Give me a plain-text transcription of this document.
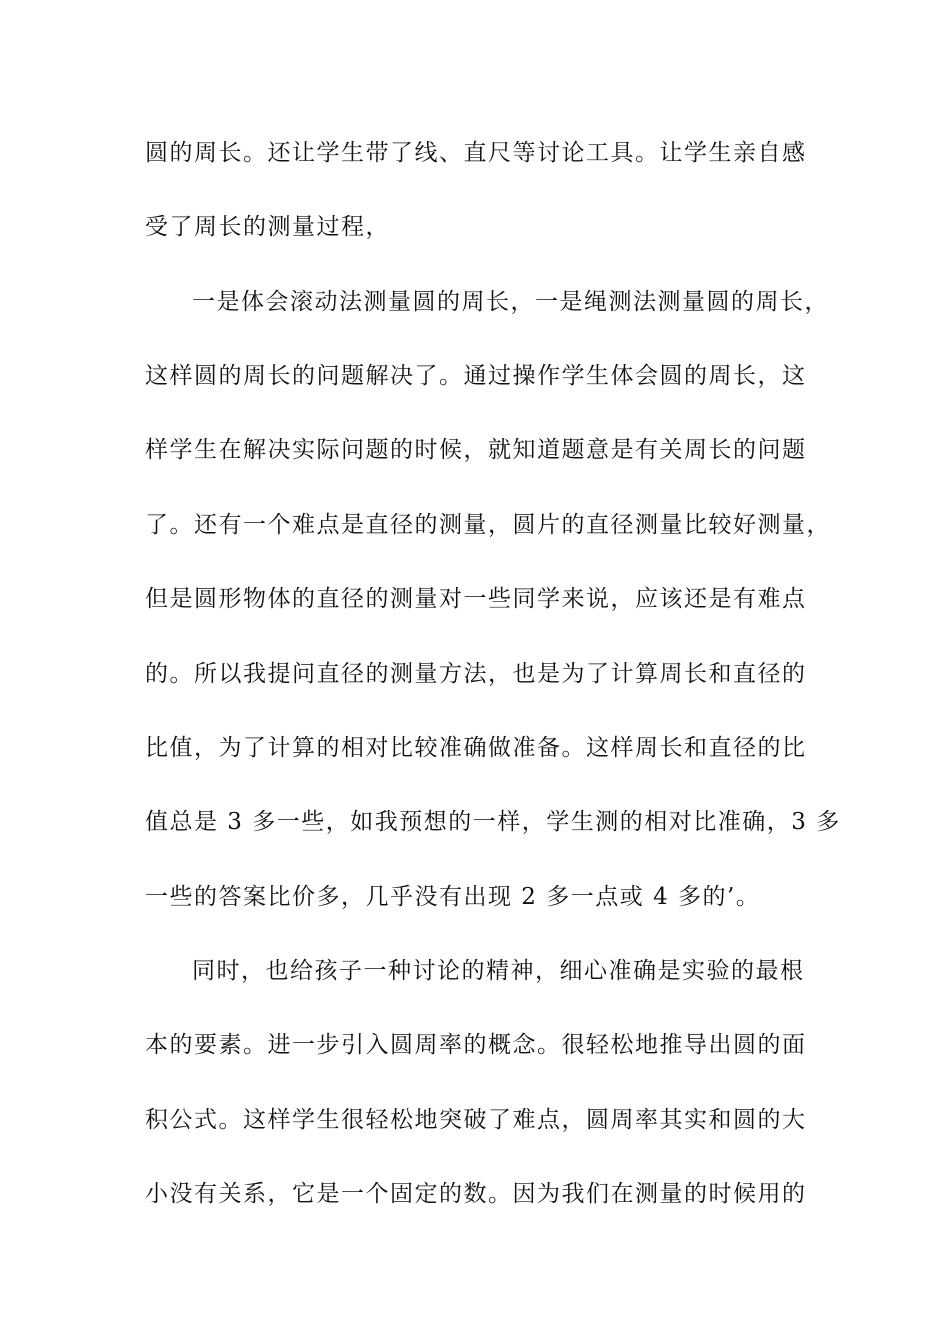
圆的周长。还让学生带了线、直尺等讨论工具。让学生亲自感
受了周长的测量过程，
一是体会滚动法测量圆的周长，一是绳测法测量圆的周长，
这样圆的周长的问题解决了。通过操作学生体会圆的周长，这
样学生在解决实际问题的时候，就知道题意是有关周长的问题
了。还有一个难点是直径的测量，圆片的直径测量比较好测量，
但是圆形物体的直径的测量对一些同学来说，应该还是有难点
的。所以我提问直径的测量方法，也是为了计算周长和直径的
比值，为了计算的相对比较准确做准备。这样周长和直径的比
值总是 3 多一些，如我预想的一样，学生测的相对比准确，3 多
一些的答案比价多，几乎没有出现 2 多一点或 4 多的’。
同时，也给孩子一种讨论的精神，细心准确是实验的最根
本的要素。进一步引入圆周率的概念。很轻松地推导出圆的面
积公式。这样学生很轻松地突破了难点，圆周率其实和圆的大
小没有关系，它是一个固定的数。因为我们在测量的时候用的
